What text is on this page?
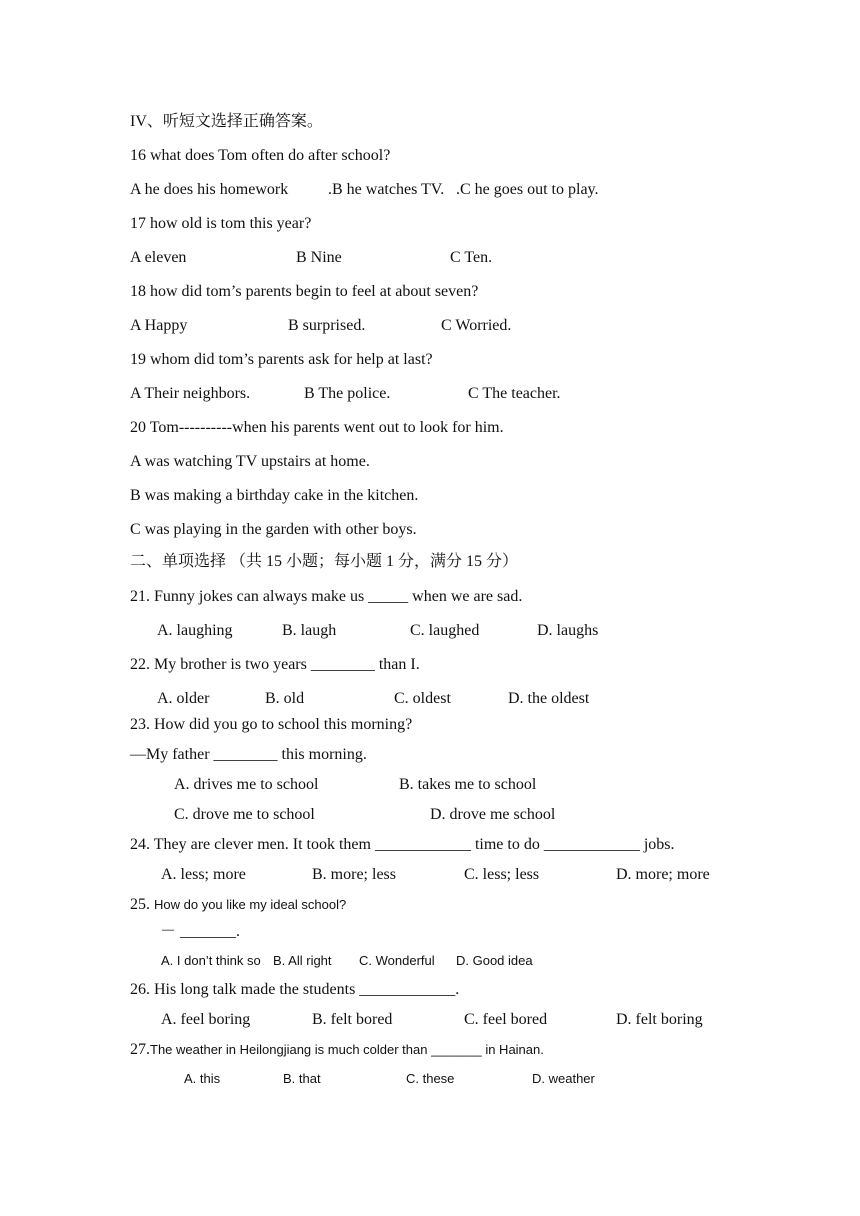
IV、听短文选择正确答案。
16 what does Tom often do after school?
A he does his homework .B he watches TV. .C he goes out to play.
17 how old is tom this year?
A eleven	B Nine	C Ten.
18 how did tom’s parents begin to feel at about seven?
A Happy	B surprised.	C Worried.
19 whom did tom’s parents ask for help at last?
A Their neighbors.	B The police.	C The teacher.
20 Tom----------when his parents went out to look for him.
A was watching TV upstairs at home.
B was making a birthday cake in the kitchen.
C was playing in the garden with other boys.
二、单项选择 （共 15 小题；每小题 1 分，满分 15 分）
21. Funny jokes can always make us _____ when we are sad.
A. laughing	B. laugh	C. laughed	D. laughs
22. My brother is two years ________ than I.
A. older	B. old	C. oldest	D. the oldest
23. How did you go to school this morning?
—My father ________ this morning.
A. drives me to school	B. takes me to school
C. drove me to school	D. drove me school
24. They are clever men. It took them ____________ time to do ____________ jobs.
A. less; more	B. more; less	C. less; less	D. more; more
25. How do you like my ideal school?
－ _______.
A. I don’t think so B. All right C. Wonderful D. Good idea
26. His long talk made the students ____________.
A. feel boring	B. felt bored	C. feel bored	D. felt boring
27.The weather in Heilongjiang is much colder than _______ in Hainan.
A. this	B. that	C. these	D. weather
